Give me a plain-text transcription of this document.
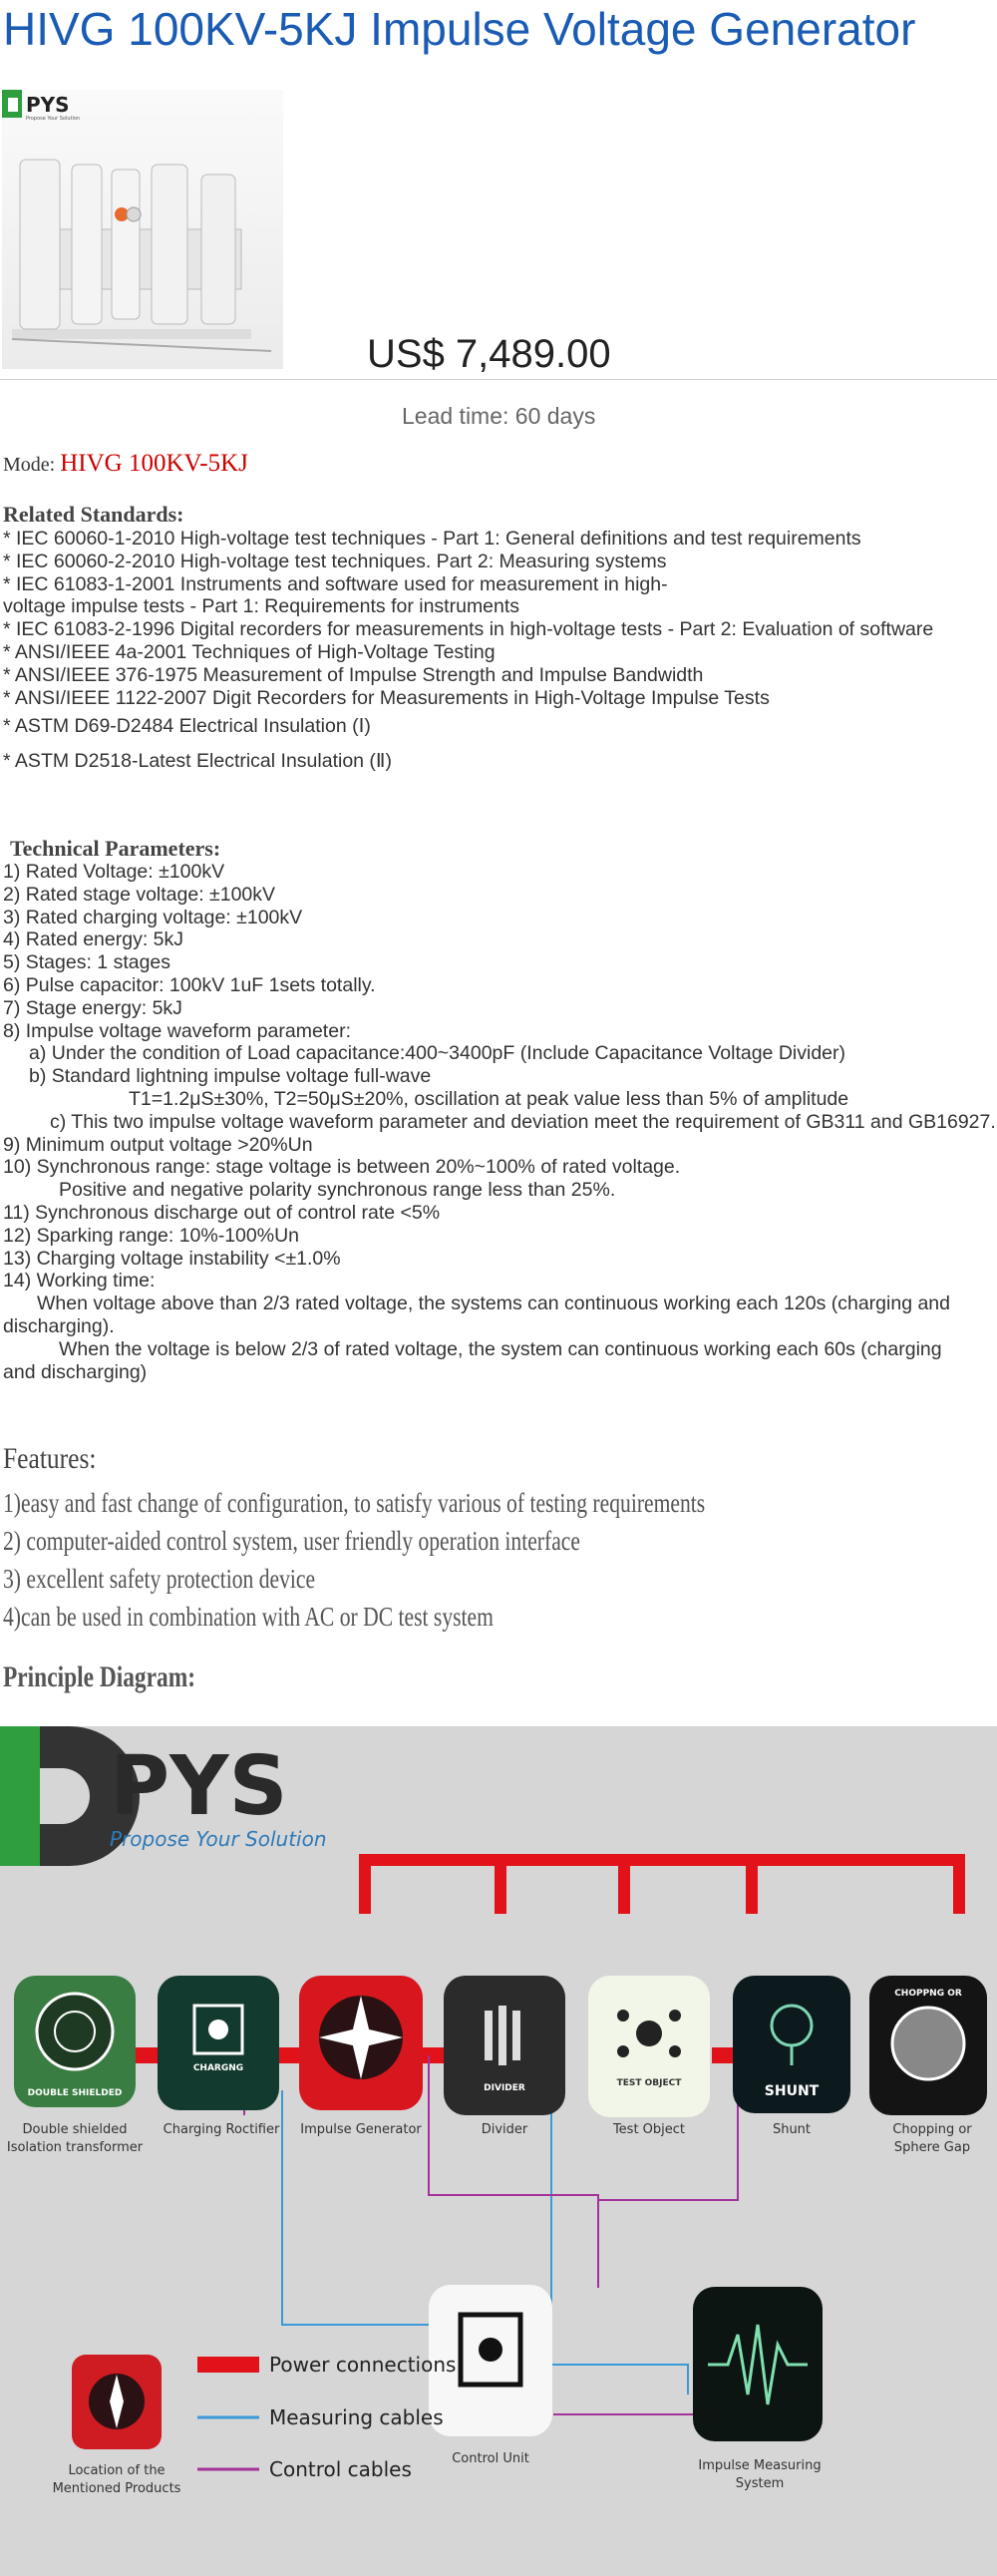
HIVG 100KV-5KJ Impulse Voltage Generator
PYS
Propose Your Solution
US$ 7,489.00
Lead time: 60 days
Mode: HIVG 100KV-5KJ
Related Standards:
* IEC 60060-1-2010 High-voltage test techniques - Part 1: General definitions and test requirements
* IEC 60060-2-2010 High-voltage test techniques. Part 2: Measuring systems
* IEC 61083-1-2001 Instruments and software used for measurement in high-
voltage impulse tests - Part 1: Requirements for instruments
* IEC 61083-2-1996 Digital recorders for measurements in high-voltage tests - Part 2: Evaluation of software
* ANSI/IEEE 4a-2001 Techniques of High-Voltage Testing
* ANSI/IEEE 376-1975 Measurement of Impulse Strength and Impulse Bandwidth
* ANSI/IEEE 1122-2007 Digit Recorders for Measurements in High-Voltage Impulse Tests
* ASTM D69-D2484 Electrical Insulation (Ⅰ)
* ASTM D2518-Latest Electrical Insulation (Ⅱ)
Technical Parameters:
1) Rated Voltage: ±100kV
2) Rated stage voltage: ±100kV
3) Rated charging voltage: ±100kV
4) Rated energy: 5kJ
5) Stages: 1 stages
6) Pulse capacitor: 100kV 1uF 1sets totally.
7) Stage energy: 5kJ
8) Impulse voltage waveform parameter:
a) Under the condition of Load capacitance:400~3400pF (Include Capacitance Voltage Divider)
b) Standard lightning impulse voltage full-wave
T1=1.2μS±30%, T2=50μS±20%, oscillation at peak value less than 5% of amplitude
c) This two impulse voltage waveform parameter and deviation meet the requirement of GB311 and GB16927.
9) Minimum output voltage >20%Un
10) Synchronous range: stage voltage is between 20%~100% of rated voltage.
Positive and negative polarity synchronous range less than 25%.
11) Synchronous discharge out of control rate <5%
12) Sparking range: 10%-100%Un
13) Charging voltage instability <±1.0%
14) Working time:
When voltage above than 2/3 rated voltage, the systems can continuous working each 120s (charging and
discharging).
When the voltage is below 2/3 of rated voltage, the system can continuous working each 60s (charging
and discharging)
Features:
1)easy and fast change of configuration, to satisfy various of testing requirements
2) computer-aided control system, user friendly operation interface
3) excellent safety protection device
4)can be used in combination with AC or DC test system
Principle Diagram:
PYS
Propose Your Solution
DOUBLE SHIELDED
Double shielded
Isolation transformer
CHARGNG
Charging Roctifier Impulse Generator
DIVIDER
Divider
TEST OBJECT
Test Object
SHUNT
Shunt
CHOPPNG OR
Chopping or
Sphere Gap
Control Unit	Impulse Measuring
System
Location of the
Mentioned Products
Power connections
Measuring cables
Control cables
